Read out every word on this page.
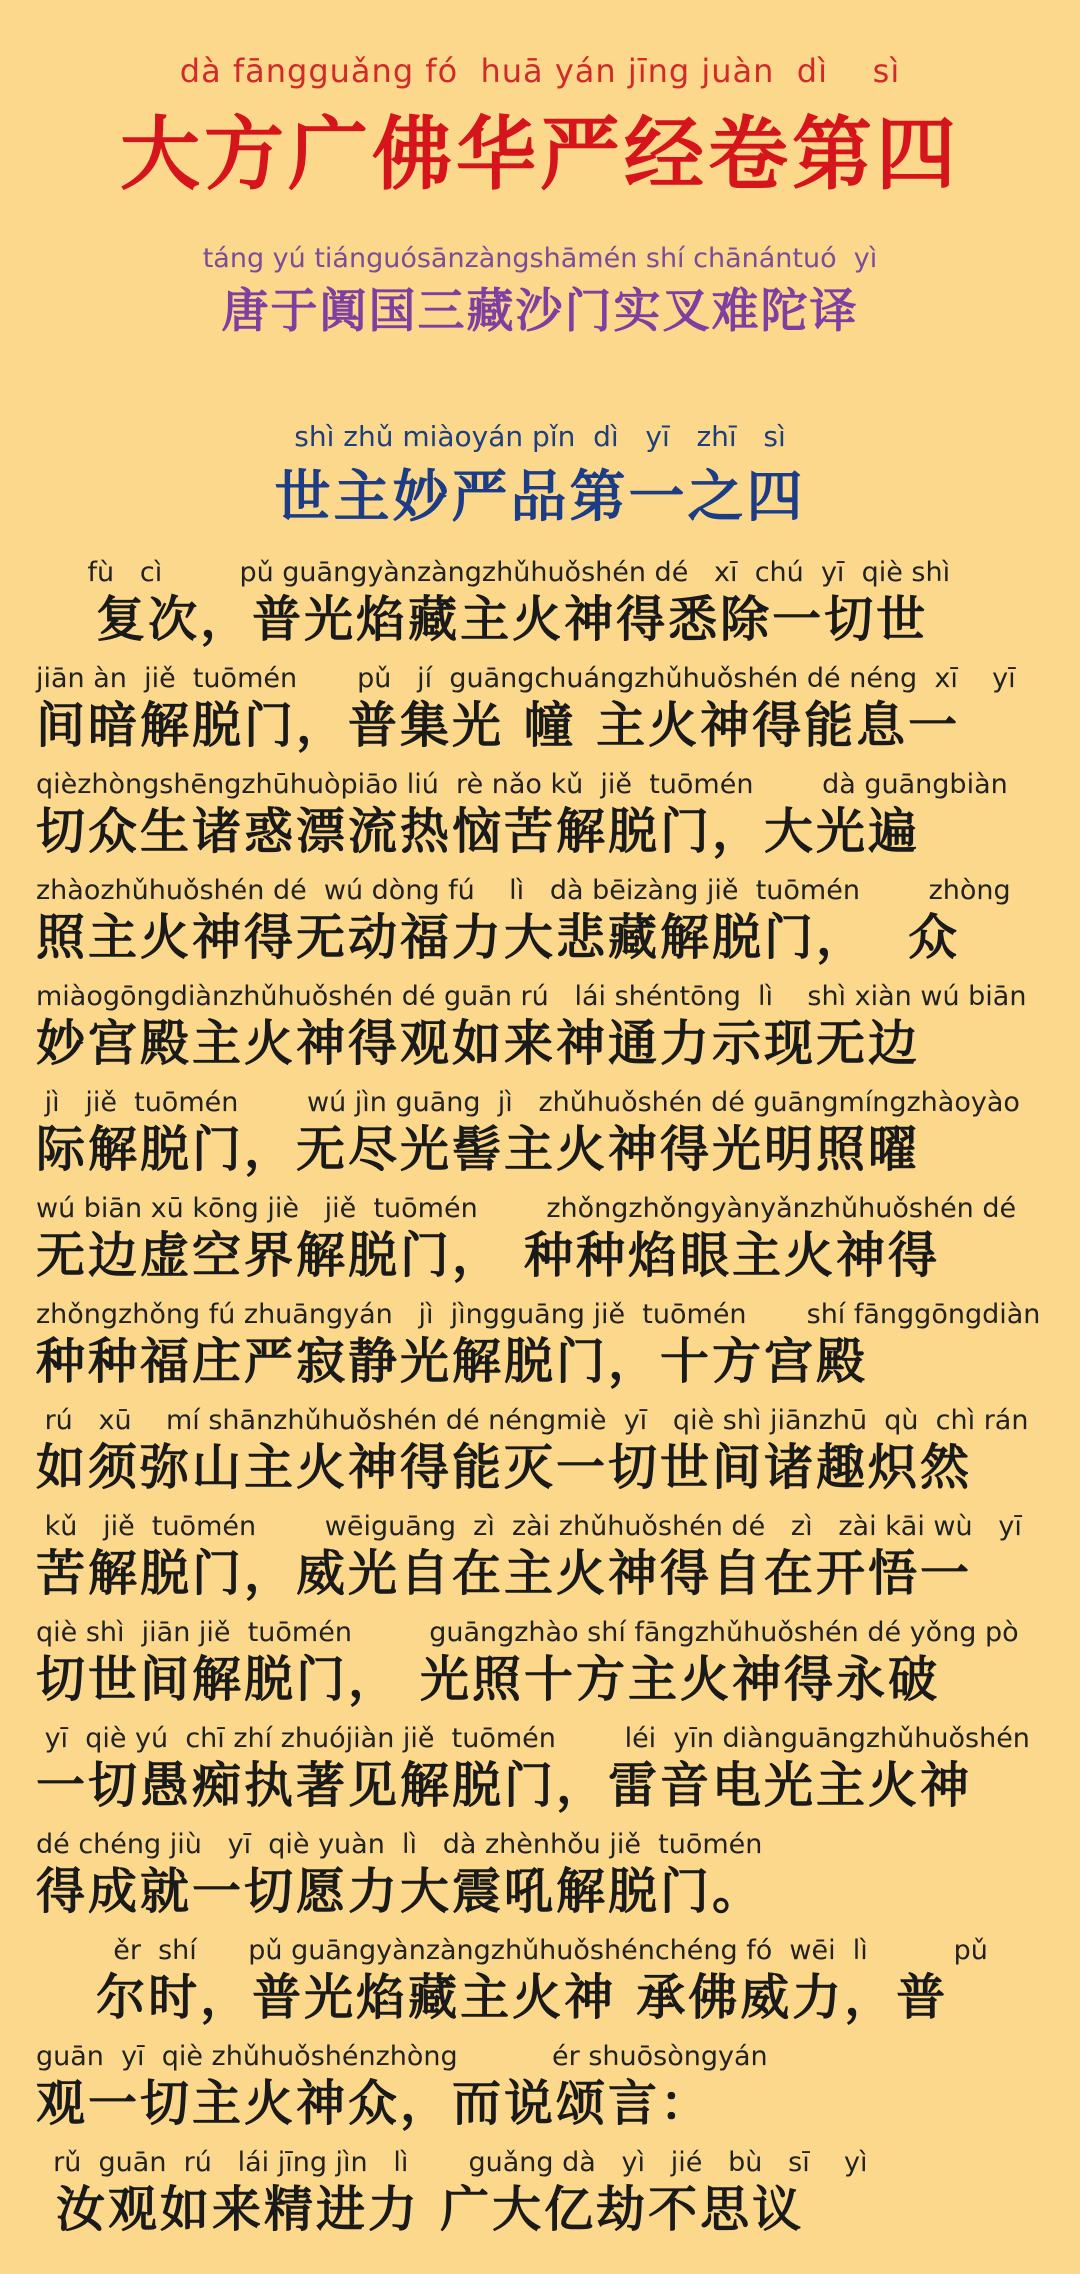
dà fāngguǎng fó  huā yán jīng juàn  dì    sì
大方广佛华严经卷第四
táng yú tiánguósānzàngshāmén shí chānántuó  yì
唐于阗国三藏沙门实叉难陀译
shì zhǔ miàoyán pǐn  dì   yī   zhī   sì
世主妙严品第一之四
fù   cì         pǔ guāngyànzàngzhǔhuǒshén dé   xī  chú  yī  qiè shì
复次，普光焰藏主火神得悉除一切世
jiān àn  jiě  tuōmén       pǔ   jí  guāngchuángzhǔhuǒshén dé néng  xī    yī
间暗解脱门，普集光 幢 主火神得能息一
qièzhòngshēngzhūhuòpiāo liú  rè nǎo kǔ  jiě  tuōmén        dà guāngbiàn
切众生诸惑漂流热恼苦解脱门，大光遍
zhàozhǔhuǒshén dé  wú dòng fú    lì   dà bēizàng jiě  tuōmén        zhòng
照主火神得无动福力大悲藏解脱门，  众
miàogōngdiànzhǔhuǒshén dé guān rú   lái shéntōng  lì    shì xiàn wú biān
妙宫殿主火神得观如来神通力示现无边
jì   jiě  tuōmén        wú jìn guāng  jì   zhǔhuǒshén dé guāngmíngzhàoyào
际解脱门，无尽光髻主火神得光明照曜
wú biān xū kōng jiè   jiě  tuōmén        zhǒngzhǒngyànyǎnzhǔhuǒshén dé
无边虚空界解脱门， 种种焰眼主火神得
zhǒngzhǒng fú zhuāngyán   jì  jìngguāng jiě  tuōmén       shí fānggōngdiàn
种种福庄严寂静光解脱门，十方宫殿
rú   xū    mí shānzhǔhuǒshén dé néngmiè  yī   qiè shì jiānzhū  qù  chì rán
如须弥山主火神得能灭一切世间诸趣炽然
kǔ   jiě  tuōmén        wēiguāng  zì  zài zhǔhuǒshén dé   zì   zài kāi wù   yī
苦解脱门，威光自在主火神得自在开悟一
qiè shì  jiān jiě  tuōmén         guāngzhào shí fāngzhǔhuǒshén dé yǒng pò
切世间解脱门， 光照十方主火神得永破
yī  qiè yú  chī zhí zhuójiàn jiě  tuōmén        léi  yīn diànguāngzhǔhuǒshén
一切愚痴执著见解脱门，雷音电光主火神
dé chéng jiù   yī  qiè yuàn  lì   dà zhènhǒu jiě  tuōmén
得成就一切愿力大震吼解脱门。
ěr  shí      pǔ guāngyànzàngzhǔhuǒshénchéng fó  wēi  lì          pǔ
尔时，普光焰藏主火神 承佛威力，普
guān  yī  qiè zhǔhuǒshénzhòng           ér shuōsòngyán
观一切主火神众，而说颂言：
rǔ  guān  rú   lái jīng jìn   lì       guǎng dà   yì   jié   bù   sī    yì
汝观如来精进力 广大亿劫不思议
